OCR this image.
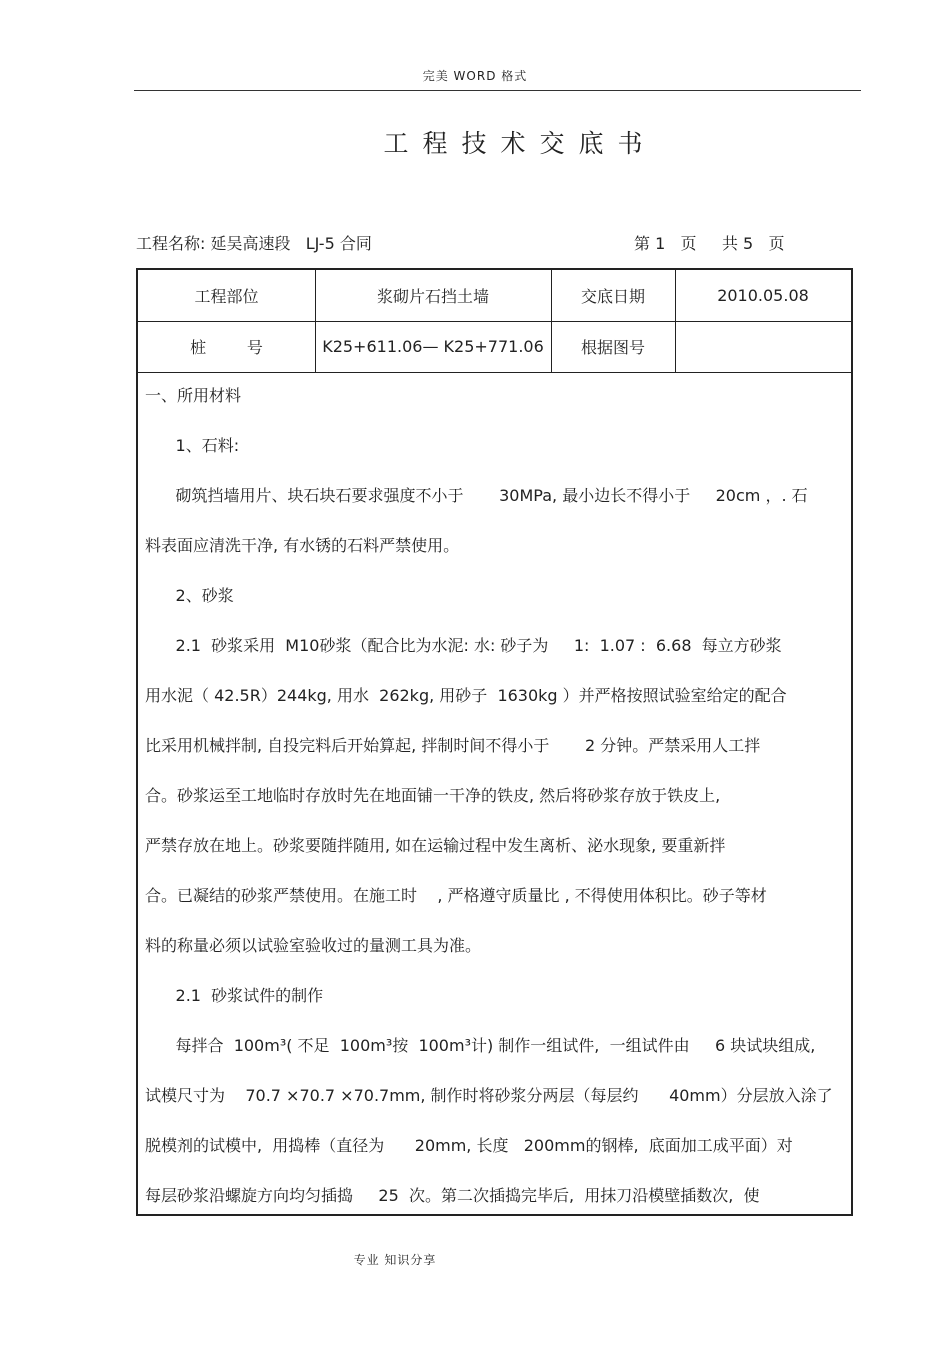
完美 WORD 格式
工程技术交底书
工程名称: 延吴高速段   LJ-5 合同	第 1   页     共 5   页
工程部位	浆砌片石挡土墙	交底日期	2010.05.08
桩        号	K25+611.06— K25+771.06	根据图号
一、所用材料
1、石料:
砌筑挡墙用片、块石块石要求强度不小于       30MPa, 最小边长不得小于     20cm ，. 石
料表面应清洗干净, 有水锈的石料严禁使用。
2、砂浆
2.1  砂浆采用  M10砂浆（配合比为水泥: 水: 砂子为     1:  1.07 :  6.68  每立方砂浆
用水泥（ 42.5R）244kg, 用水  262kg, 用砂子  1630kg ）并严格按照试验室给定的配合
比采用机械拌制, 自投完料后开始算起, 拌制时间不得小于       2 分钟。严禁采用人工拌
合。砂浆运至工地临时存放时先在地面铺一干净的铁皮, 然后将砂浆存放于铁皮上,
严禁存放在地上。砂浆要随拌随用, 如在运输过程中发生离析、泌水现象, 要重新拌
合。已凝结的砂浆严禁使用。在施工时    , 严格遵守质量比 , 不得使用体积比。砂子等材
料的称量必须以试验室验收过的量测工具为准。
2.1  砂浆试件的制作
每拌合  100m³( 不足  100m³按  100m³计) 制作一组试件,  一组试件由     6 块试块组成,
试模尺寸为    70.7 ×70.7 ×70.7mm, 制作时将砂浆分两层（每层约      40mm）分层放入涂了
脱模剂的试模中,  用捣棒（直径为      20mm, 长度   200mm的钢棒,  底面加工成平面）对
每层砂浆沿螺旋方向均匀插捣     25  次。第二次插捣完毕后,  用抹刀沿模壁插数次,  使
专业 知识分享
